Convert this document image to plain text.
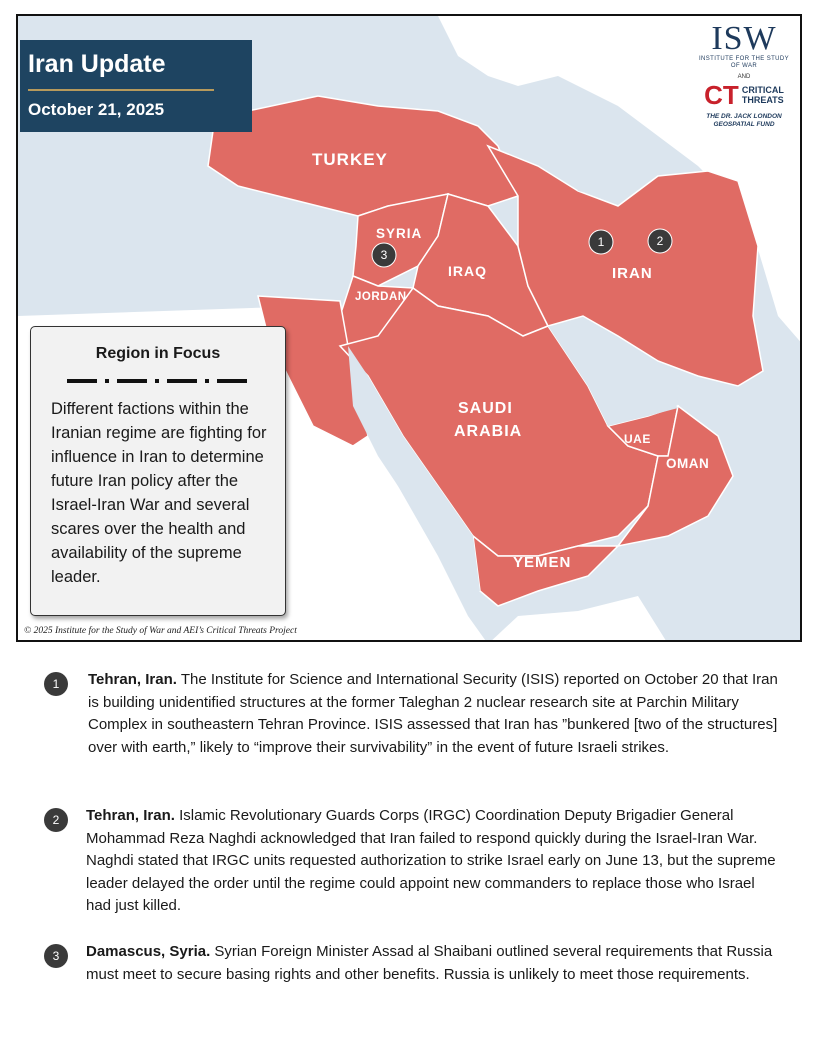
TURKEY
SYRIA
IRAQ
JORDAN
IRAN
SAUDI
ARABIA	UAE
OMAN
YEMEN
1	2
3
Iran Update
October 21, 2025
ISW
INSTITUTE FOR THE STUDY OF WAR
AND
CT CRITICAL
THREATS
THE DR. JACK LONDON
GEOSPATIAL FUND
Region in Focus
Different factions within the Iranian regime are fighting for influence in Iran to determine future Iran policy after the Israel-Iran War and several scares over the health and availability of the supreme leader.
© 2025 Institute for the Study of War and AEI’s Critical Threats Project
1	Tehran, Iran. The Institute for Science and International Security (ISIS) reported on October 20 that Iran is building unidentified structures at the former Taleghan 2 nuclear research site at Parchin Military Complex in southeastern Tehran Province. ISIS assessed that Iran has ”bunkered [two of the structures] over with earth,” likely to “improve their survivability” in the event of future Israeli strikes.
2	Tehran, Iran. Islamic Revolutionary Guards Corps (IRGC) Coordination Deputy Brigadier General Mohammad Reza Naghdi acknowledged that Iran failed to respond quickly during the Israel-Iran War. Naghdi stated that IRGC units requested authorization to strike Israel early on June 13, but the supreme leader delayed the order until the regime could appoint new commanders to replace those who Israel had just killed.
3	Damascus, Syria. Syrian Foreign Minister Assad al Shaibani outlined several requirements that Russia must meet to secure basing rights and other benefits. Russia is unlikely to meet those requirements.
